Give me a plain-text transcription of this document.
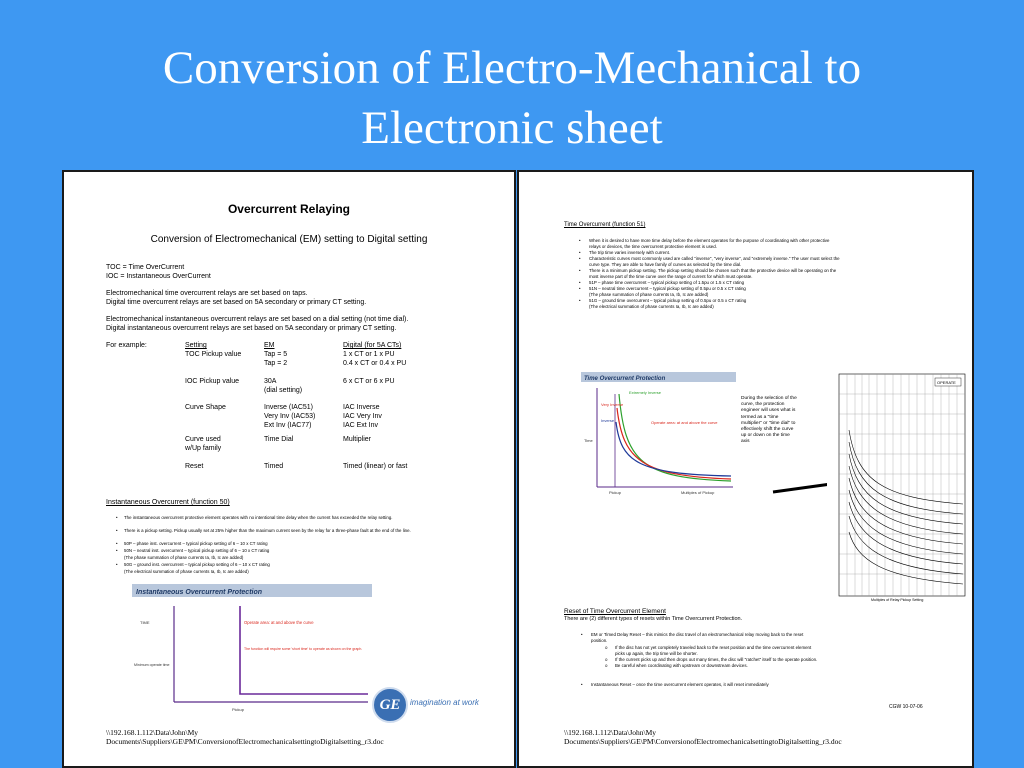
Conversion of Electro-Mechanical to
Electronic sheet
Overcurrent Relaying
Conversion of Electromechanical (EM) setting to Digital setting
TOC = Time OverCurrent
IOC = Instantaneous OverCurrent
Electromechanical time overcurrent relays are set based on taps.
Digital time overcurrent relays are set based on 5A secondary or primary CT setting.
Electromechanical instantaneous overcurrent relays are set based on a dial setting (not time dial).
Digital instantaneous overcurrent relays are set based on 5A secondary or primary CT setting.
For example:	Setting	EM	Digital (for 5A CTs)
TOC Pickup value	Tap = 5	1 x CT or 1 x PU
Tap = 2	0.4 x CT or 0.4 x PU
IOC Pickup value	30A	6 x CT or 6 x PU
(dial setting)
Curve Shape	Inverse (IAC51)	IAC Inverse
Very Inv (IAC53)	IAC Very Inv
Ext Inv (IAC77)	IAC Ext Inv
Curve used	Time Dial	Multiplier
w/Up family
Reset	Timed	Timed (linear) or fast
Instantaneous Overcurrent (function 50)
• The instantaneous overcurrent protective element operates with no intentional time delay when the current has exceeded the relay setting.
• There is a pickup setting. Pickup usually set at 25% higher than the maximum current seen by the relay for a three-phase fault at the end of the line.
• 50P – phase inst. overcurrent – typical pickup setting of 6 – 10 x CT rating
• 50N – neutral inst. overcurrent – typical pickup setting of 6 – 10 x CT rating
(The phase summation of phase currents Ia, Ib, Ic are added)
• 50G – ground inst. overcurrent – typical pickup setting of 6 – 10 x CT rating
(The electrical summation of phase currents Ia, Ib, Ic are added)
Instantaneous Overcurrent Protection
TIME
Minimum operate time
Operate area: at and above the curve
The function will require some 'short time' to operate as shown on the graph.
Pickup	GE	imagination at work
\\192.168.1.112\Data\John\My
Documents\Suppliers\GE\PM\ConversionofElectromechanicalsettingtoDigitalsetting_r3.doc
Time Overcurrent (function 51)
• When it is desired to have more time delay before the element operates for the purpose of coordinating with other protective
relays or devices, the time overcurrent protective element is used.
• The trip time varies inversely with current.
• Characteristic curves most commonly used are called "inverse", "very inverse", and "extremely inverse." The user must select the
curve type. They are able to have family of curves as selected by the time dial.
• There is a minimum pickup setting. The pickup setting should be chosen such that the protective device will be operating on the
most inverse part of the time curve over the range of current for which must operate.
• 51P – phase time overcurrent – typical pickup setting of 1.5pu or 1.5 x CT rating
• 51N – neutral time overcurrent – typical pickup setting of 0.5pu or 0.5 x CT rating
(The phase summation of phase currents Ia, Ib, Ic are added)
• 51G – ground time overcurrent – typical pickup setting of 0.5pu or 0.5 x CT rating
(The electrical summation of phase currents Ia, Ib, Ic are added)
Time Overcurrent Protection
Extremely Inverse
Very Inverse
Inverse	Operate area: at and above the curve
Time
Pickup	Multiples of Pickup
During the selection of the curve, the protection engineer will uses what is termed as a "time multiplier" or "time dial" to effectively shift the curve up or down on the time axis
OPERATE
Multiples of Relay Pickup Setting
Reset of Time Overcurrent Element
There are (2) different types of resets within Time Overcurrent Protection.
• EM or Timed Delay Reset – this mimics the disc travel of an electromechanical relay moving back to the reset
position.
o If the disc has not yet completely traveled back to the reset position and the time overcurrent element
picks up again, the trip time will be shorter.
o If the current picks up and then drops out many times, the disc will "ratchet" itself to the operate position.
o Be careful when coordinating with upstream or downstream devices.
• Instantaneous Reset – once the time overcurrent element operates, it will reset immediately
CGW 10-07-06
\\192.168.1.112\Data\John\My
Documents\Suppliers\GE\PM\ConversionofElectromechanicalsettingtoDigitalsetting_r3.doc
